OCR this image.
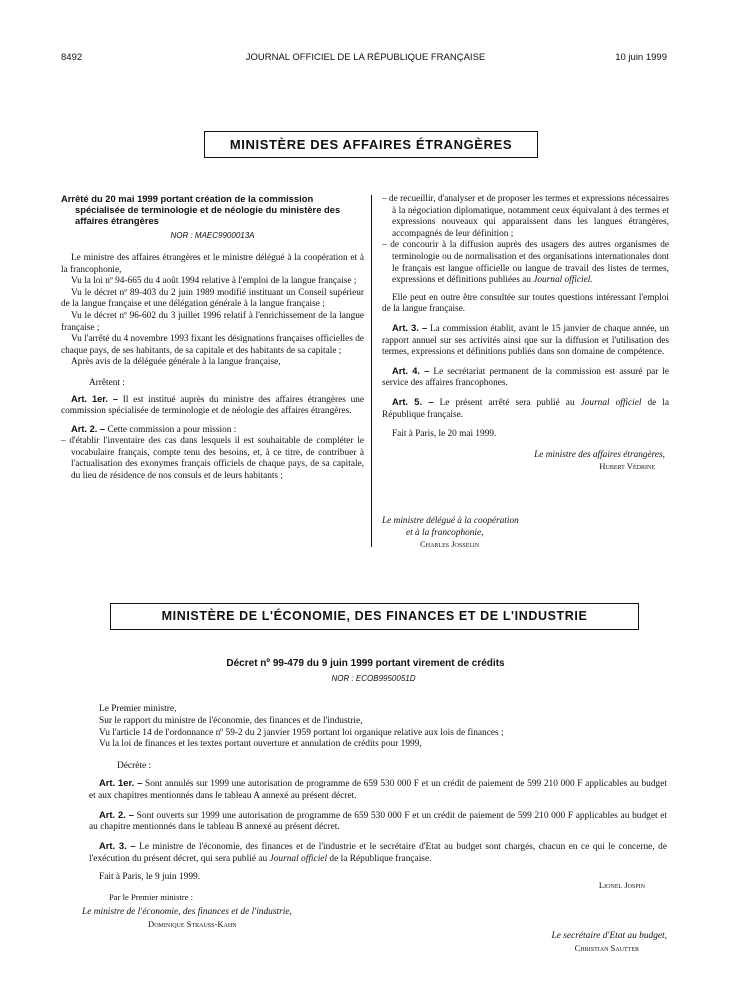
8492	JOURNAL OFFICIEL DE LA RÉPUBLIQUE FRANÇAISE	10 juin 1999
MINISTÈRE DES AFFAIRES ÉTRANGÈRES

Arrêté du 20 mai 1999 portant création de la commission spécialisée de terminologie et de néologie du ministère des affaires étrangères

NOR : MAEC9900013A

Le ministre des affaires étrangères et le ministre délégué à la coopération et à la francophonie,

Vu la loi nº 94-665 du 4 août 1994 relative à l'emploi de la langue française ;

Vu le décret nº 89-403 du 2 juin 1989 modifié instituant un Conseil supérieur de la langue française et une délégation générale à la langue française ;

Vu le décret nº 96-602 du 3 juillet 1996 relatif à l'enrichissement de la langue française ;

Vu l'arrêté du 4 novembre 1993 fixant les désignations françaises officielles de chaque pays, de ses habitants, de sa capitale et des habitants de sa capitale ;

Après avis de la déléguée générale à la langue française,

Arrêtent :

Art. 1er. – Il est institué auprès du ministre des affaires étrangères une commission spécialisée de terminologie et de néologie des affaires étrangères.

Art. 2. – Cette commission a pour mission :

– d'établir l'inventaire des cas dans lesquels il est souhaitable de compléter le vocabulaire français, compte tenu des besoins, et, à ce titre, de contribuer à l'actualisation des exonymes français officiels de chaque pays, de sa capitale, du lieu de résidence de nos consuls et de leurs habitants ;

– de recueillir, d'analyser et de proposer les termes et expressions nécessaires à la négociation diplomatique, notamment ceux équivalant à des termes et expressions nouveaux qui apparaissent dans les langues étrangères, accompagnés de leur définition ;

– de concourir à la diffusion auprès des usagers des autres organismes de terminologie ou de normalisation et des organisations internationales dont le français est langue officielle ou langue de travail des listes de termes, expressions et définitions publiées au Journal officiel.

Elle peut en outre être consultée sur toutes questions intéressant l'emploi de la langue française.

Art. 3. – La commission établit, avant le 15 janvier de chaque année, un rapport annuel sur ses activités ainsi que sur la diffusion et l'utilisation des termes, expressions et définitions publiés dans son domaine de compétence.

Art. 4. – Le secrétariat permanent de la commission est assuré par le service des affaires francophones.

Art. 5. – Le présent arrêté sera publié au Journal officiel de la République française.

Fait à Paris, le 20 mai 1999.

Le ministre des affaires étrangères,

Hubert Védrine

Le ministre délégué à la coopération

et à la francophonie,

Charles Josselin

MINISTÈRE DE L'ÉCONOMIE, DES FINANCES ET DE L'INDUSTRIE
Décret nº 99-479 du 9 juin 1999 portant virement de crédits
NOR : ECOB9950051D

Le Premier ministre,

Sur le rapport du ministre de l'économie, des finances et de l'industrie,

Vu l'article 14 de l'ordonnance nº 59-2 du 2 janvier 1959 portant loi organique relative aux lois de finances ;

Vu la loi de finances et les textes portant ouverture et annulation de crédits pour 1999,

Décrète :

Art. 1er. – Sont annulés sur 1999 une autorisation de programme de 659 530 000 F et un crédit de paiement de 599 210 000 F applicables au budget et aux chapitres mentionnés dans le tableau A annexé au présent décret.

Art. 2. – Sont ouverts sur 1999 une autorisation de programme de 659 530 000 F et un crédit de paiement de 599 210 000 F applicables au budget et au chapitre mentionnés dans le tableau B annexé au présent décret.

Art. 3. – Le ministre de l'économie, des finances et de l'industrie et le secrétaire d'Etat au budget sont chargés, chacun en ce qui le concerne, de l'exécution du présent décret, qui sera publié au Journal officiel de la République française.

Fait à Paris, le 9 juin 1999.

Lionel Jospin
Par le Premier ministre :
Le ministre de l'économie, des finances et de l'industrie,
Dominique Strauss-Kahn
Le secrétaire d'Etat au budget,
Christian Sautter
